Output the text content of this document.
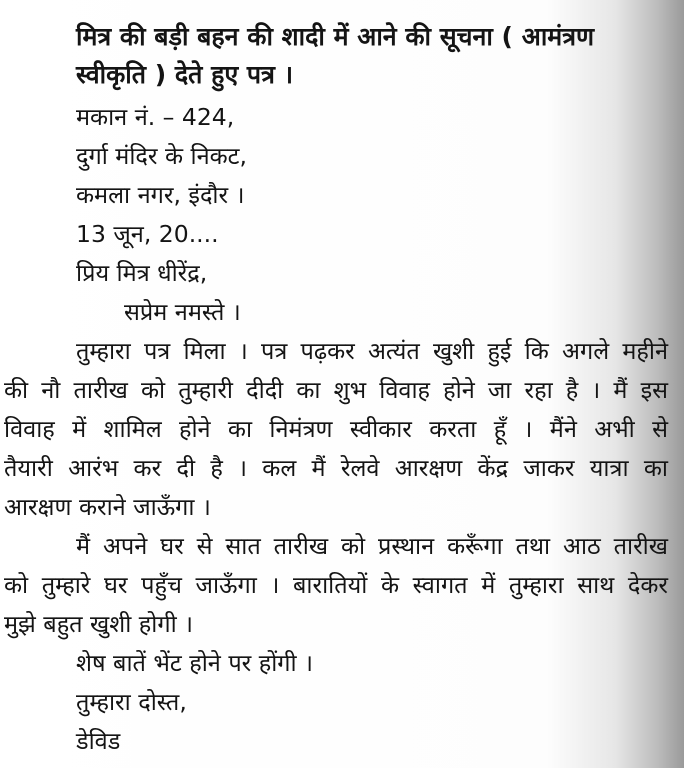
मित्र की बड़ी बहन की शादी में आने की सूचना ( आमंत्रण स्वीकृति ) देते हुए पत्र ।

मकान नं. – 424,

दुर्गा मंदिर के निकट,

कमला नगर, इंदौर ।

13 जून, 20....

प्रिय मित्र धीरेंद्र,

सप्रेम नमस्ते ।

तुम्हारा पत्र मिला । पत्र पढ़कर अत्यंत खुशी हुई कि अगले महीने

की नौ तारीख को तुम्हारी दीदी का शुभ विवाह होने जा रहा है । मैं इस

विवाह में शामिल होने का निमंत्रण स्वीकार करता हूँ । मैंने अभी से

तैयारी आरंभ कर दी है । कल मैं रेलवे आरक्षण केंद्र जाकर यात्रा का

आरक्षण कराने जाऊँगा ।

मैं अपने घर से सात तारीख को प्रस्थान करूँगा तथा आठ तारीख

को तुम्हारे घर पहुँच जाऊँगा । बारातियों के स्वागत में तुम्हारा साथ देकर

मुझे बहुत खुशी होगी ।

शेष बातें भेंट होने पर होंगी ।

तुम्हारा दोस्त,

डेविड
